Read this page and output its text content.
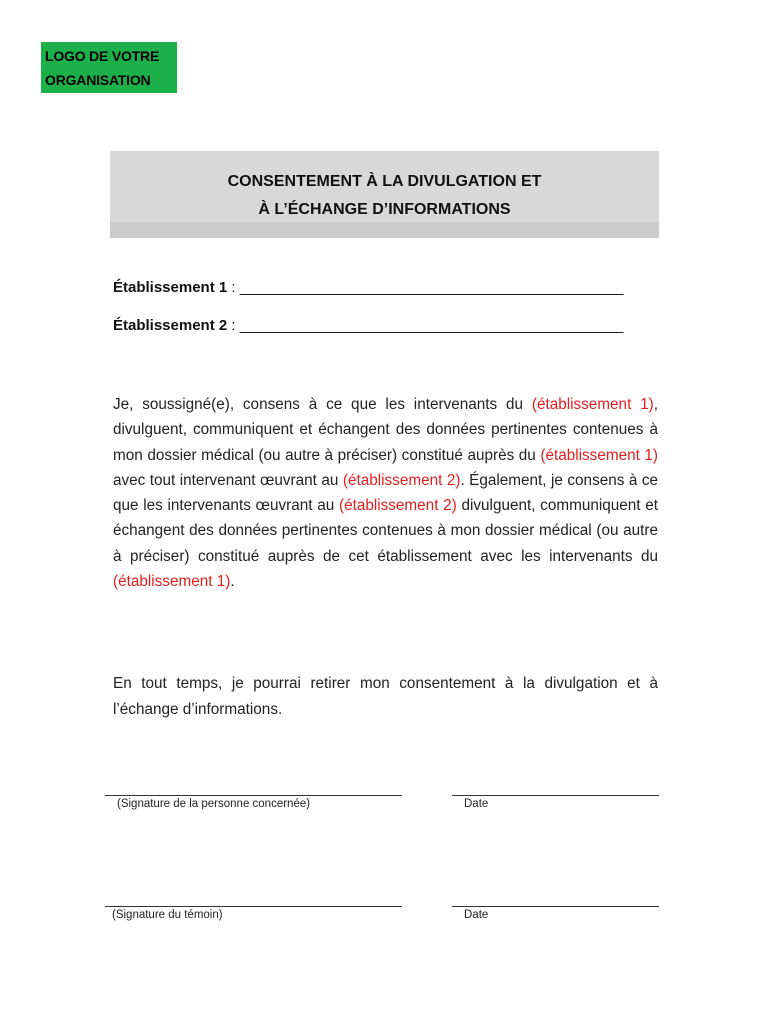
LOGO DE VOTRE
ORGANISATION
CONSENTEMENT À LA DIVULGATION ET
À L’ÉCHANGE D’INFORMATIONS
Établissement 1 : ______________________________________________
Établissement 2 : ______________________________________________
Je, soussigné(e), consens à ce que les intervenants du (établissement 1), divulguent, communiquent et échangent des données pertinentes contenues à mon dossier médical (ou autre à préciser) constitué auprès du (établissement 1) avec tout intervenant œuvrant au (établissement 2). Également, je consens à ce que les intervenants œuvrant au (établissement 2) divulguent, communiquent et échangent des données pertinentes contenues à mon dossier médical (ou autre à préciser) constitué auprès de cet établissement avec les intervenants du (établissement 1).
En tout temps, je pourrai retirer mon consentement à la divulgation et à l’échange d’informations.
(Signature de la personne concernée)	Date
(Signature du témoin)	Date
